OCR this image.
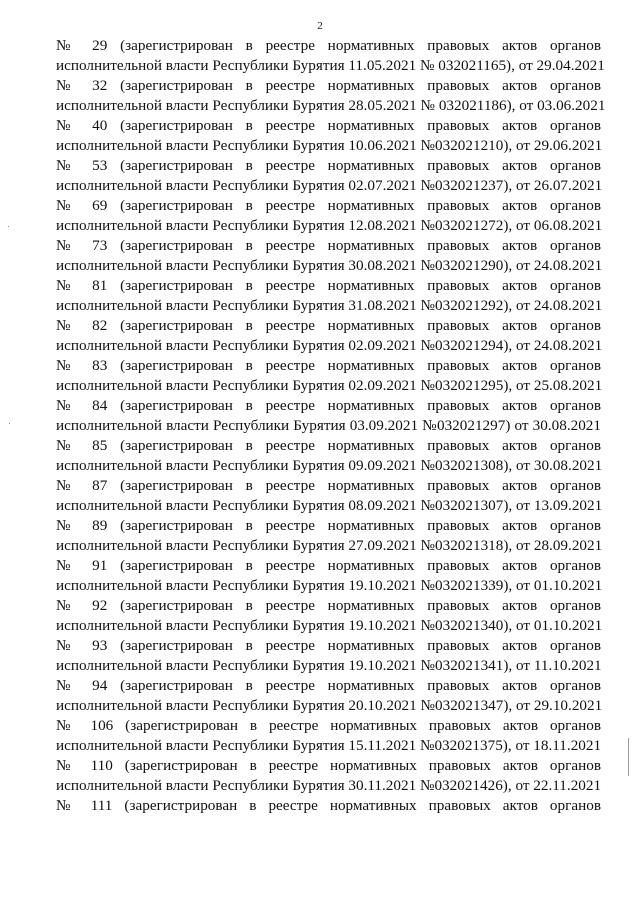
2
№ 29 (зарегистрирован в реестре нормативных правовых актов органов
исполнительной власти Республики Бурятия 11.05.2021 № 032021165), от 29.04.2021
№ 32 (зарегистрирован в реестре нормативных правовых актов органов
исполнительной власти Республики Бурятия 28.05.2021 № 032021186), от 03.06.2021
№ 40 (зарегистрирован в реестре нормативных правовых актов органов
исполнительной власти Республики Бурятия 10.06.2021 №032021210), от 29.06.2021
№ 53 (зарегистрирован в реестре нормативных правовых актов органов
исполнительной власти Республики Бурятия 02.07.2021 №032021237), от 26.07.2021
№ 69 (зарегистрирован в реестре нормативных правовых актов органов
исполнительной власти Республики Бурятия 12.08.2021 №032021272), от 06.08.2021
№ 73 (зарегистрирован в реестре нормативных правовых актов органов
исполнительной власти Республики Бурятия 30.08.2021 №032021290), от 24.08.2021
№ 81 (зарегистрирован в реестре нормативных правовых актов органов
исполнительной власти Республики Бурятия 31.08.2021 №032021292), от 24.08.2021
№ 82 (зарегистрирован в реестре нормативных правовых актов органов
исполнительной власти Республики Бурятия 02.09.2021 №032021294), от 24.08.2021
№ 83 (зарегистрирован в реестре нормативных правовых актов органов
исполнительной власти Республики Бурятия 02.09.2021 №032021295), от 25.08.2021
№ 84 (зарегистрирован в реестре нормативных правовых актов органов
исполнительной власти Республики Бурятия 03.09.2021 №032021297) от 30.08.2021
№ 85 (зарегистрирован в реестре нормативных правовых актов органов
исполнительной власти Республики Бурятия 09.09.2021 №032021308), от 30.08.2021
№ 87 (зарегистрирован в реестре нормативных правовых актов органов
исполнительной власти Республики Бурятия 08.09.2021 №032021307), от 13.09.2021
№ 89 (зарегистрирован в реестре нормативных правовых актов органов
исполнительной власти Республики Бурятия 27.09.2021 №032021318), от 28.09.2021
№ 91 (зарегистрирован в реестре нормативных правовых актов органов
исполнительной власти Республики Бурятия 19.10.2021 №032021339), от 01.10.2021
№ 92 (зарегистрирован в реестре нормативных правовых актов органов
исполнительной власти Республики Бурятия 19.10.2021 №032021340), от 01.10.2021
№ 93 (зарегистрирован в реестре нормативных правовых актов органов
исполнительной власти Республики Бурятия 19.10.2021 №032021341), от 11.10.2021
№ 94 (зарегистрирован в реестре нормативных правовых актов органов
исполнительной власти Республики Бурятия 20.10.2021 №032021347), от 29.10.2021
№ 106 (зарегистрирован в реестре нормативных правовых актов органов
исполнительной власти Республики Бурятия 15.11.2021 №032021375), от 18.11.2021
№ 110 (зарегистрирован в реестре нормативных правовых актов органов
исполнительной власти Республики Бурятия 30.11.2021 №032021426), от 22.11.2021
№ 111 (зарегистрирован в реестре нормативных правовых актов органов
